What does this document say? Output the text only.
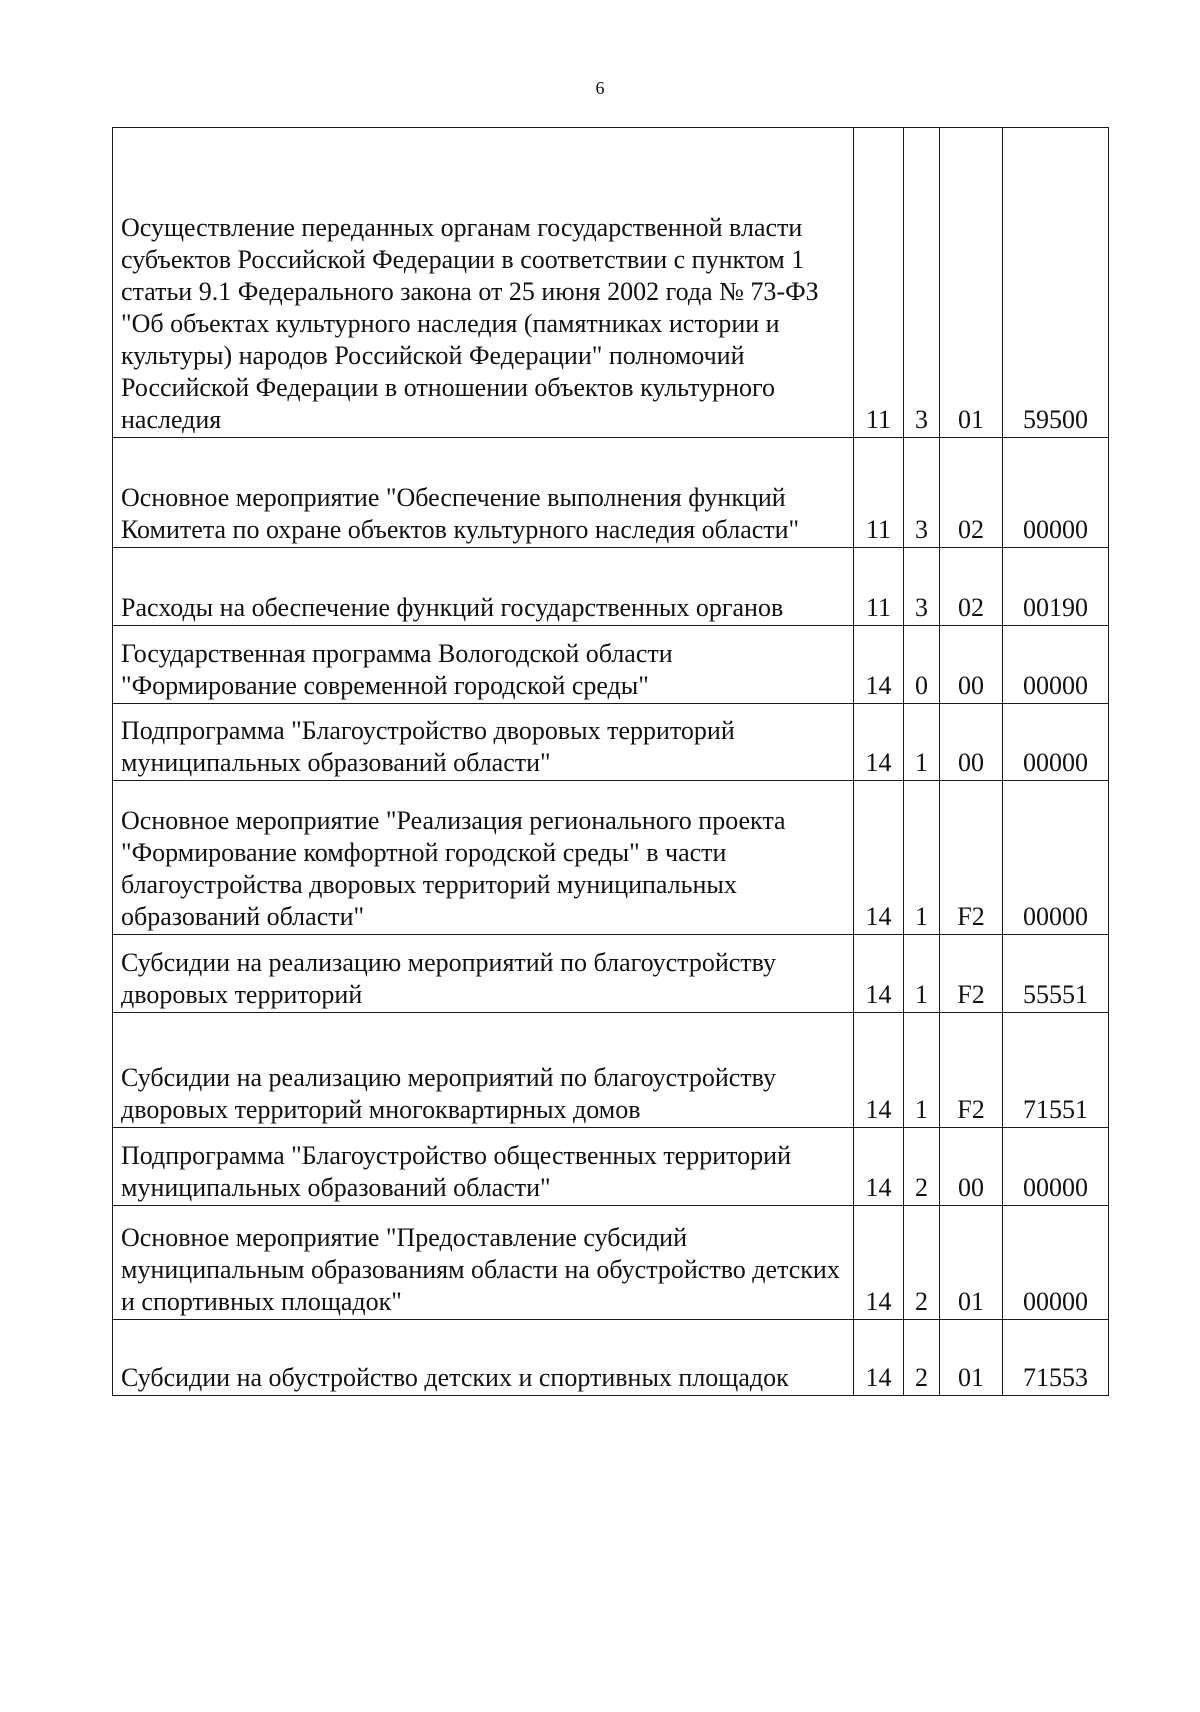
6
Осуществление переданных органам государственной власти субъектов Российской Федерации в соответствии с пунктом 1 статьи 9.1 Федерального закона от 25 июня 2002 года № 73-ФЗ "Об объектах культурного наследия (памятниках истории и культуры) народов Российской Федерации" полномочий Российской Федерации в отношении объектов культурного наследия	11	3	01	59500
Основное мероприятие "Обеспечение выполнения функций Комитета по охране объектов культурного наследия области"	11	3	02	00000
Расходы на обеспечение функций государственных органов	11	3	02	00190
Государственная программа Вологодской области "Формирование современной городской среды"	14	0	00	00000
Подпрограмма "Благоустройство дворовых территорий муниципальных образований области"	14	1	00	00000
Основное мероприятие "Реализация регионального проекта "Формирование комфортной городской среды" в части благоустройства дворовых территорий муниципальных образований области"	14	1	F2	00000
Субсидии на реализацию мероприятий по благоустройству дворовых территорий	14	1	F2	55551
Субсидии на реализацию мероприятий по благоустройству дворовых территорий многоквартирных домов	14	1	F2	71551
Подпрограмма "Благоустройство общественных территорий муниципальных образований области"	14	2	00	00000
Основное мероприятие "Предоставление субсидий муниципальным образованиям области на обустройство детских и спортивных площадок"	14	2	01	00000
Субсидии на обустройство детских и спортивных площадок	14	2	01	71553
